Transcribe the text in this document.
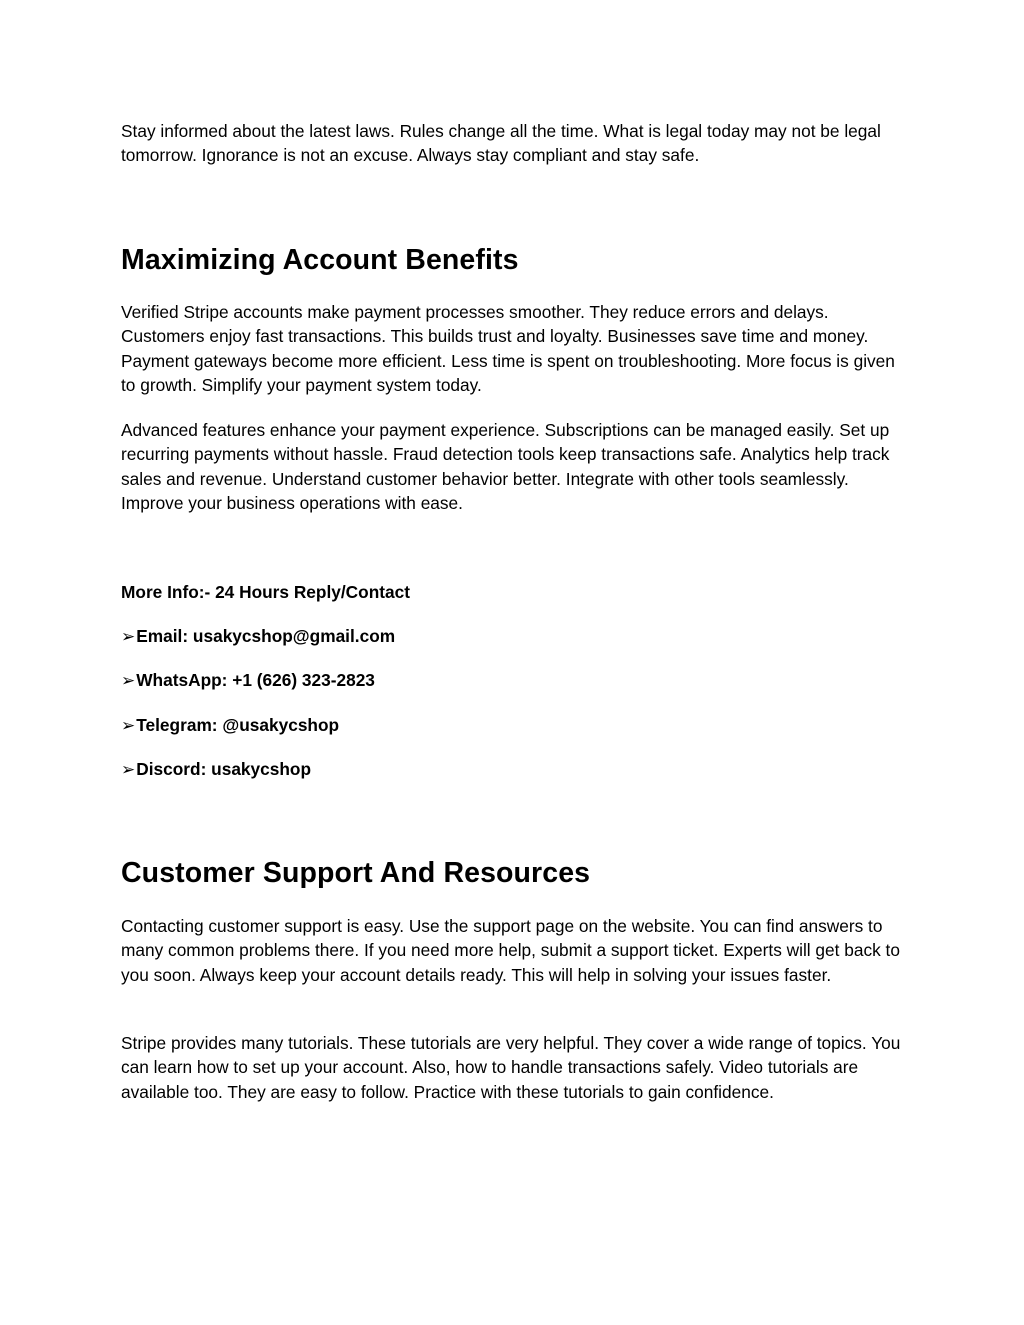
Stay informed about the latest laws. Rules change all the time. What is legal today may not be legal tomorrow. Ignorance is not an excuse. Always stay compliant and stay safe.

Maximizing Account Benefits

Verified Stripe accounts make payment processes smoother. They reduce errors and delays. Customers enjoy fast transactions. This builds trust and loyalty. Businesses save time and money. Payment gateways become more efficient. Less time is spent on troubleshooting. More focus is given to growth. Simplify your payment system today.

Advanced features enhance your payment experience. Subscriptions can be managed easily. Set up recurring payments without hassle. Fraud detection tools keep transactions safe. Analytics help track sales and revenue. Understand customer behavior better. Integrate with other tools seamlessly. Improve your business operations with ease.

More Info:- 24 Hours Reply/Contact
➢Email: usakycshop@gmail.com
➢WhatsApp: +1 (626) 323-2823
➢Telegram: @usakycshop
➢Discord: usakycshop
Customer Support And Resources

Contacting customer support is easy. Use the support page on the website. You can find answers to many common problems there. If you need more help, submit a support ticket. Experts will get back to you soon. Always keep your account details ready. This will help in solving your issues faster.

Stripe provides many tutorials. These tutorials are very helpful. They cover a wide range of topics. You can learn how to set up your account. Also, how to handle transactions safely. Video tutorials are available too. They are easy to follow. Practice with these tutorials to gain confidence.
